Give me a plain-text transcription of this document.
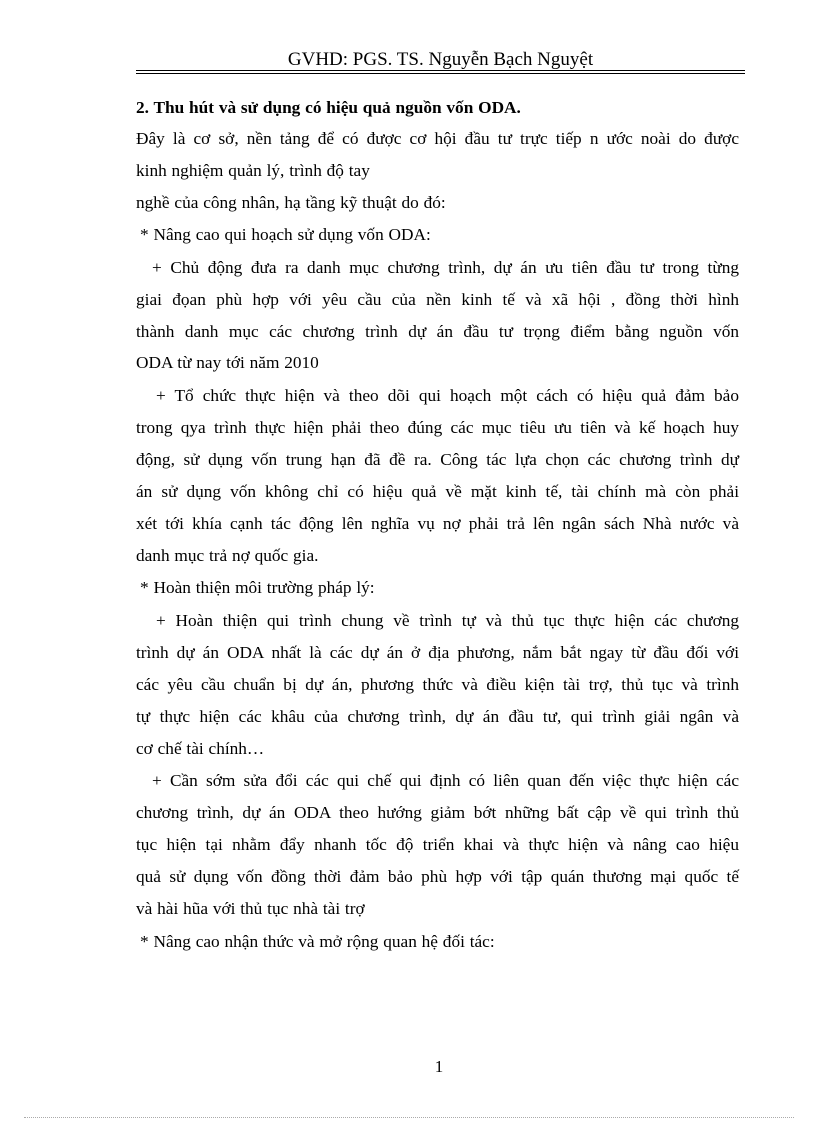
GVHD: PGS. TS. Nguyễn Bạch Nguyệt
2. Thu hút và sử dụng có hiệu quả nguồn vốn ODA.
Đây là cơ sở, nền tảng để có được cơ hội đầu tư trực tiếp n ước noài do được
kinh nghiệm quản lý, trình độ tay
nghề của công nhân, hạ tầng kỹ thuật do đó:
* Nâng cao qui hoạch sử dụng vốn ODA:
+ Chủ động đưa ra danh mục chương trình, dự án ưu tiên đầu tư trong từng
giai đọan phù hợp với yêu cầu của nền kinh tế và xã hội , đồng thời hình
thành danh mục các chương trình dự án đầu tư trọng điểm bằng nguồn vốn
ODA từ nay tới năm 2010
+ Tổ chức thực hiện và theo dõi qui hoạch một cách có hiệu quả đảm bảo
trong qya trình thực hiện phải theo đúng các mục tiêu ưu tiên và kế hoạch huy
động, sử dụng vốn trung hạn đã đề ra. Công tác lựa chọn các chương trình dự
án sử dụng vốn không chỉ có hiệu quả về mặt kinh tế, tài chính mà còn phải
xét tới khía cạnh tác động lên nghĩa vụ nợ phải trả lên ngân sách Nhà nước và
danh mục trả nợ quốc gia.
* Hoàn thiện môi trường pháp lý:
+ Hoàn thiện qui trình chung về trình tự và thủ tục thực hiện các chương
trình dự án ODA nhất là các dự án ở địa phương, nắm bắt ngay từ đầu đối với
các yêu cầu chuẩn bị dự án, phương thức và điều kiện tài trợ, thủ tục và trình
tự thực hiện các khâu của chương trình, dự án đầu tư, qui trình giải ngân và
cơ chế tài chính…
+ Cần sớm sửa đổi các qui chế qui định có liên quan đến việc thực hiện các
chương trình, dự án ODA theo hướng giảm bớt những bất cập về qui trình thủ
tục hiện tại nhằm đẩy nhanh tốc độ triển khai và thực hiện và nâng cao hiệu
quả sử dụng vốn đồng thời đảm bảo phù hợp với tập quán thương mại quốc tế
và hài hũa với thủ tục nhà tài trợ
* Nâng cao nhận thức và mở rộng quan hệ đối tác:
1
